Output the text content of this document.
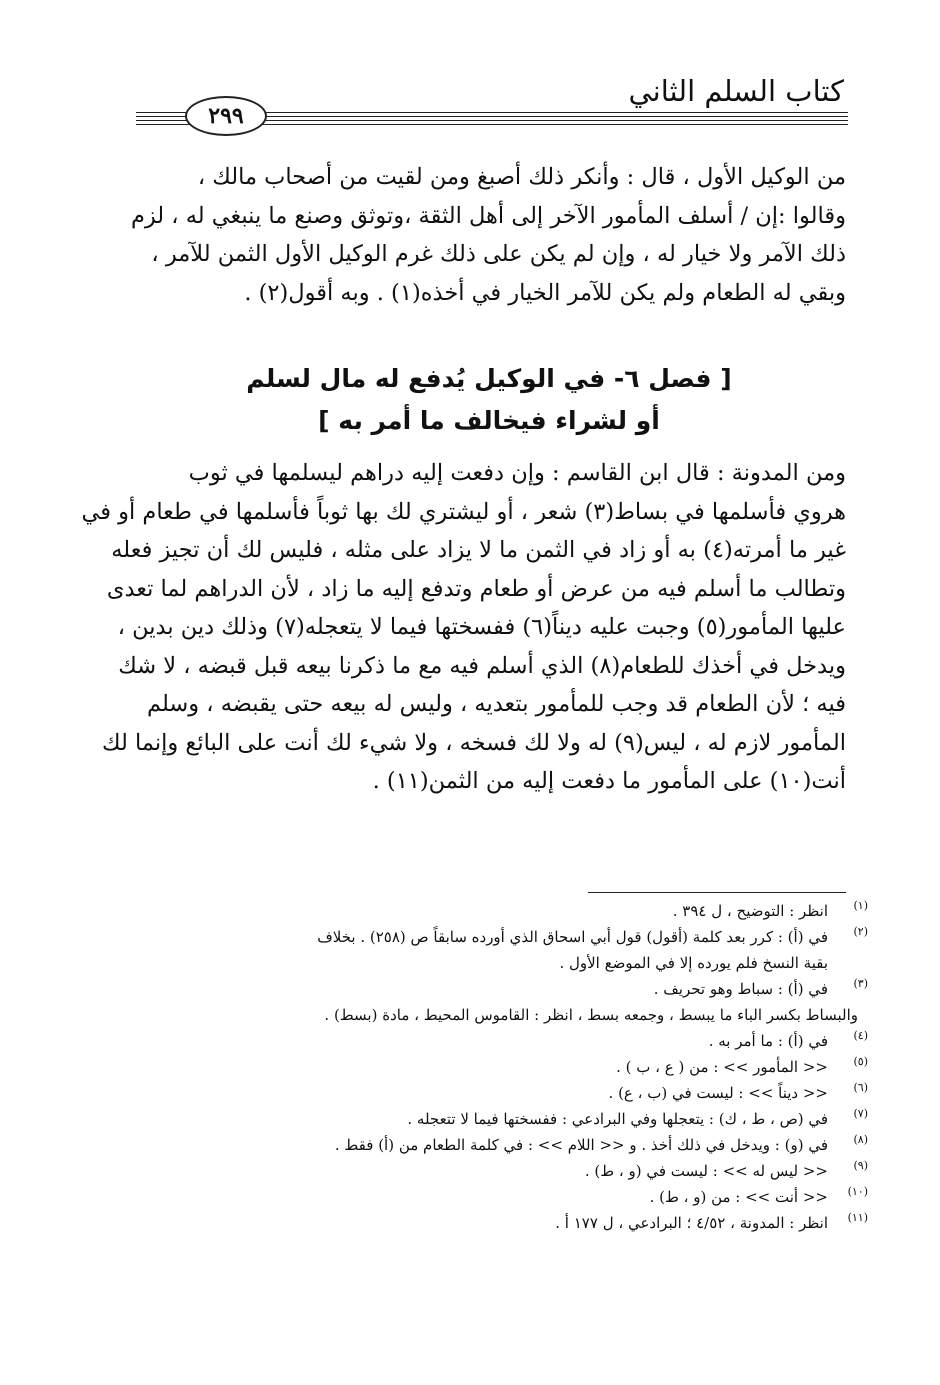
كتاب السلم الثاني
٢٩٩
من الوكيل الأول ، قال : وأنكر ذلك أصبغ ومن لقيت من أصحاب مالك ،
وقالوا :إن / أسلف المأمور الآخر إلى أهل الثقة ،وتوثق وصنع ما ينبغي له ، لزم
ذلك الآمر ولا خيار له ، وإن لم يكن على ذلك غرم الوكيل الأول الثمن للآمر ،
وبقي له الطعام ولم يكن للآمر الخيار في أخذه(١) . وبه أقول(٢) .
[ فصل ٦- في الوكيل يُدفع له مال لسلم
أو لشراء فيخالف ما أمر به ]
ومن المدونة : قال ابن القاسم : وإن دفعت إليه دراهم ليسلمها في ثوب
هروي فأسلمها في بساط(٣) شعر ، أو ليشتري لك بها ثوباً فأسلمها في طعام أو في
غير ما أمرته(٤) به أو زاد في الثمن ما لا يزاد على مثله ، فليس لك أن تجيز فعله
وتطالب ما أسلم فيه من عرض أو طعام وتدفع إليه ما زاد ، لأن الدراهم لما تعدى
عليها المأمور(٥) وجبت عليه ديناً(٦) ففسختها فيما لا يتعجله(٧) وذلك دين بدين ،
ويدخل في أخذك للطعام(٨) الذي أسلم فيه مع ما ذكرنا بيعه قبل قبضه ، لا شك
فيه ؛ لأن الطعام قد وجب للمأمور بتعديه ، وليس له بيعه حتى يقبضه ، وسلم
المأمور لازم له ، ليس(٩) له ولا لك فسخه ، ولا شيء لك أنت على البائع وإنما لك
أنت(١٠) على المأمور ما دفعت إليه من الثمن(١١) .
(١)
انظر : التوضيح ، ل ٣٩٤ .
(٢)
في (أ) : كرر بعد كلمة (أقول) قول أبي اسحاق الذي أورده سابقاً ص (٢٥٨) . بخلاف
بقية النسخ فلم يورده إلا في الموضع الأول .
(٣)
في (أ) : سباط وهو تحريف .
والبساط بكسر الباء ما يبسط ، وجمعه بسط ، انظر : القاموس المحيط ، مادة (بسط) .
(٤)
في (أ) : ما أمر به .
(٥)
<< المأمور >> : من ( ع ، ب ) .
(٦)
<< ديناً >> : ليست في (ب ، ع) .
(٧)
في (ص ، ط ، ك) : يتعجلها وفي البرادعي : ففسختها فيما لا تتعجله .
(٨)
في (و) : ويدخل في ذلك أخذ . و << اللام >> : في كلمة الطعام من (أ) فقط .
(٩)
<< ليس له >> : ليست في (و ، ط) .
(١٠)
<< أنت >> : من (و ، ط) .
(١١)
انظر : المدونة ، ٤/٥٢ ؛ البرادعي ، ل ١٧٧ أ .
